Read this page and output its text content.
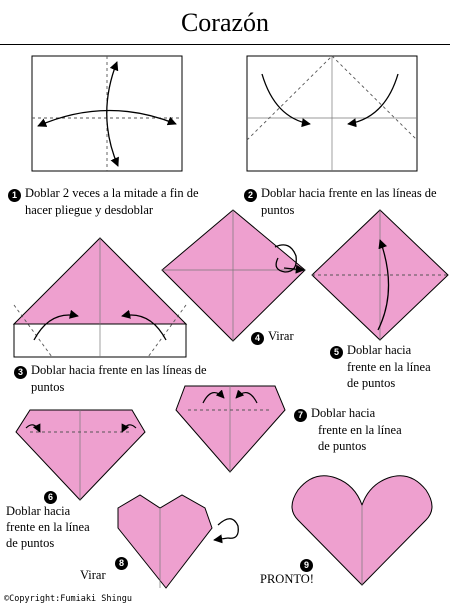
Corazón
1 Doblar 2 veces a la mitade a fin de
hacer pliegue y desdoblar
2 Doblar hacia frente en las líneas de
puntos
3 Doblar hacia frente en las líneas de
puntos
4 Virar
5 Doblar hacia
frente en la línea
de puntos
6
Doblar hacia
frente en la línea
de puntos
7 Doblar hacia
frente en la línea
de puntos
8
Virar
9
PRONTO!
©Copyright:Fumiaki Shingu
